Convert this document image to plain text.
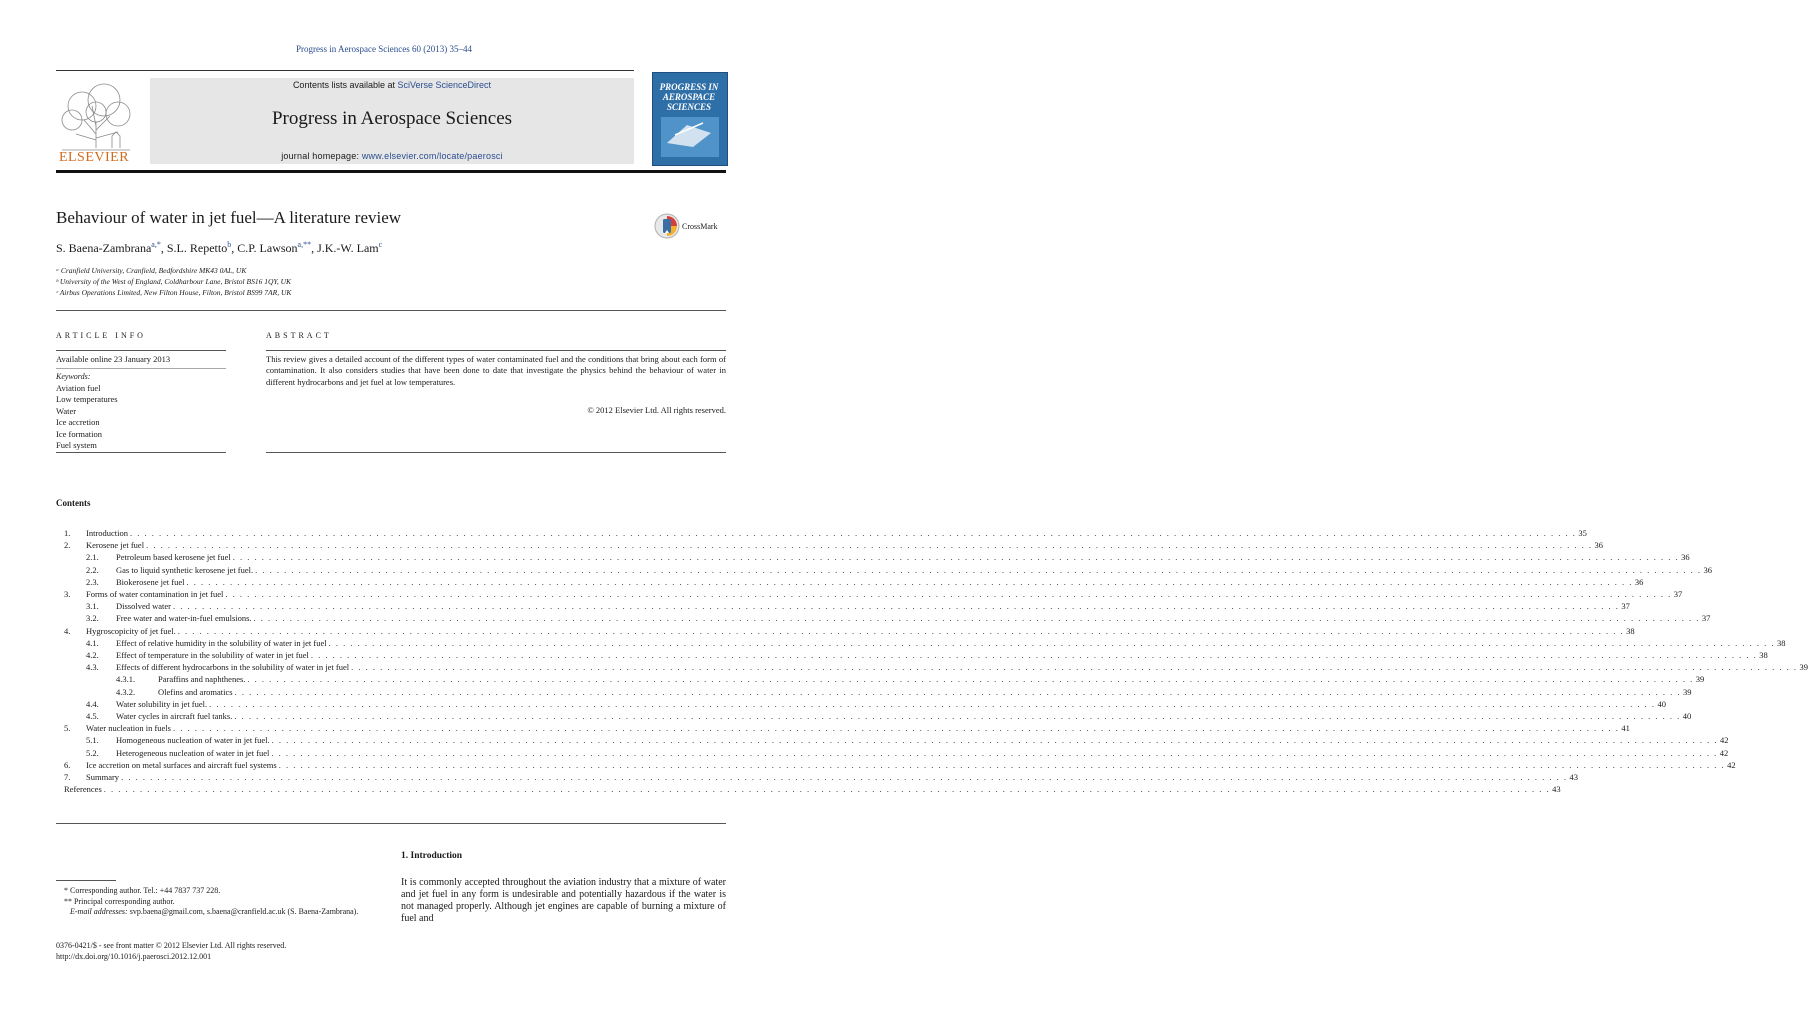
Progress in Aerospace Sciences 60 (2013) 35–44
ELSEVIER
Contents lists available at SciVerse ScienceDirect
Progress in Aerospace Sciences
journal homepage: www.elsevier.com/locate/paerosci
PROGRESS IN AEROSPACE SCIENCES
Behaviour of water in jet fuel—A literature review
S. Baena-Zambrana$^{a,*}$, S.L. Repetto$^b$, C.P. Lawson$^{a,**}$, J.K.-W. Lam$^c$
ᵃ Cranfield University, Cranfield, Bedfordshire MK43 0AL, UK
ᵇ University of the West of England, Coldharbour Lane, Bristol BS16 1QY, UK
ᶜ Airbus Operations Limited, New Filton House, Filton, Bristol BS99 7AR, UK
CrossMark
ARTICLE INFO
Available online 23 January 2013
Keywords:
Aviation fuel
Low temperatures
Water
Ice accretion
Ice formation
Fuel system
ABSTRACT
This review gives a detailed account of the different types of water contaminated fuel and the conditions that bring about each form of contamination. It also considers studies that have been done to date that investigate the physics behind the behaviour of water in different hydrocarbons and jet fuel at low temperatures.
© 2012 Elsevier Ltd. All rights reserved.
Contents
1. Introduction . . . . . . . . . . . . . . . . . . . . . . . . . . . . . . . . . . . . . . . . . . . . . . . . . . . . . . . . . . . . . . . . . . . . . . . . . . . . . . . . . . . . . . . . . . . . . . . . . . . . . . . . . . . . . . . . . . . . . . . . . . . . . . . . . . . . . . . . . . . . . . . . . . . . . . . . . . . . . . . . . . . . . . . . . . . . . . . . . . . . . . . . . . . . . . . . . . . . . . . . 35
2. Kerosene jet fuel . . . . . . . . . . . . . . . . . . . . . . . . . . . . . . . . . . . . . . . . . . . . . . . . . . . . . . . . . . . . . . . . . . . . . . . . . . . . . . . . . . . . . . . . . . . . . . . . . . . . . . . . . . . . . . . . . . . . . . . . . . . . . . . . . . . . . . . . . . . . . . . . . . . . . . . . . . . . . . . . . . . . . . . . . . . . . . . . . . . . . . . . . . . . . . . . . . . . . . . . 36
2.1. Petroleum based kerosene jet fuel . . . . . . . . . . . . . . . . . . . . . . . . . . . . . . . . . . . . . . . . . . . . . . . . . . . . . . . . . . . . . . . . . . . . . . . . . . . . . . . . . . . . . . . . . . . . . . . . . . . . . . . . . . . . . . . . . . . . . . . . . . . . . . . . . . . . . . . . . . . . . . . . . . . . . . . . . . . . . . . . . . . . . . . . . . . . . . . . . . . . . . . . . . . . . . . . . . . . . . . . 36
2.2. Gas to liquid synthetic kerosene jet fuel. . . . . . . . . . . . . . . . . . . . . . . . . . . . . . . . . . . . . . . . . . . . . . . . . . . . . . . . . . . . . . . . . . . . . . . . . . . . . . . . . . . . . . . . . . . . . . . . . . . . . . . . . . . . . . . . . . . . . . . . . . . . . . . . . . . . . . . . . . . . . . . . . . . . . . . . . . . . . . . . . . . . . . . . . . . . . . . . . . . . . . . . . . . . . . . . . . . . . . . . . 36
2.3. Biokerosene jet fuel . . . . . . . . . . . . . . . . . . . . . . . . . . . . . . . . . . . . . . . . . . . . . . . . . . . . . . . . . . . . . . . . . . . . . . . . . . . . . . . . . . . . . . . . . . . . . . . . . . . . . . . . . . . . . . . . . . . . . . . . . . . . . . . . . . . . . . . . . . . . . . . . . . . . . . . . . . . . . . . . . . . . . . . . . . . . . . . . . . . . . . . . . . . . . . . . . . . . . . . . 36
3. Forms of water contamination in jet fuel . . . . . . . . . . . . . . . . . . . . . . . . . . . . . . . . . . . . . . . . . . . . . . . . . . . . . . . . . . . . . . . . . . . . . . . . . . . . . . . . . . . . . . . . . . . . . . . . . . . . . . . . . . . . . . . . . . . . . . . . . . . . . . . . . . . . . . . . . . . . . . . . . . . . . . . . . . . . . . . . . . . . . . . . . . . . . . . . . . . . . . . . . . . . . . . . . . . . . . . . 37
3.1. Dissolved water . . . . . . . . . . . . . . . . . . . . . . . . . . . . . . . . . . . . . . . . . . . . . . . . . . . . . . . . . . . . . . . . . . . . . . . . . . . . . . . . . . . . . . . . . . . . . . . . . . . . . . . . . . . . . . . . . . . . . . . . . . . . . . . . . . . . . . . . . . . . . . . . . . . . . . . . . . . . . . . . . . . . . . . . . . . . . . . . . . . . . . . . . . . . . . . . . . . . . . . . 37
3.2. Free water and water-in-fuel emulsions. . . . . . . . . . . . . . . . . . . . . . . . . . . . . . . . . . . . . . . . . . . . . . . . . . . . . . . . . . . . . . . . . . . . . . . . . . . . . . . . . . . . . . . . . . . . . . . . . . . . . . . . . . . . . . . . . . . . . . . . . . . . . . . . . . . . . . . . . . . . . . . . . . . . . . . . . . . . . . . . . . . . . . . . . . . . . . . . . . . . . . . . . . . . . . . . . . . . . . . . . 37
4. Hygroscopicity of jet fuel. . . . . . . . . . . . . . . . . . . . . . . . . . . . . . . . . . . . . . . . . . . . . . . . . . . . . . . . . . . . . . . . . . . . . . . . . . . . . . . . . . . . . . . . . . . . . . . . . . . . . . . . . . . . . . . . . . . . . . . . . . . . . . . . . . . . . . . . . . . . . . . . . . . . . . . . . . . . . . . . . . . . . . . . . . . . . . . . . . . . . . . . . . . . . . . . . . . . . . . . . 38
4.1. Effect of relative humidity in the solubility of water in jet fuel . . . . . . . . . . . . . . . . . . . . . . . . . . . . . . . . . . . . . . . . . . . . . . . . . . . . . . . . . . . . . . . . . . . . . . . . . . . . . . . . . . . . . . . . . . . . . . . . . . . . . . . . . . . . . . . . . . . . . . . . . . . . . . . . . . . . . . . . . . . . . . . . . . . . . . . . . . . . . . . . . . . . . . . . . . . . . . . . . . . . . . . . . . . . . . . . . . . . . . . . 38
4.2. Effect of temperature in the solubility of water in jet fuel . . . . . . . . . . . . . . . . . . . . . . . . . . . . . . . . . . . . . . . . . . . . . . . . . . . . . . . . . . . . . . . . . . . . . . . . . . . . . . . . . . . . . . . . . . . . . . . . . . . . . . . . . . . . . . . . . . . . . . . . . . . . . . . . . . . . . . . . . . . . . . . . . . . . . . . . . . . . . . . . . . . . . . . . . . . . . . . . . . . . . . . . . . . . . . . . . . . . . . . . 38
4.3. Effects of different hydrocarbons in the solubility of water in jet fuel . . . . . . . . . . . . . . . . . . . . . . . . . . . . . . . . . . . . . . . . . . . . . . . . . . . . . . . . . . . . . . . . . . . . . . . . . . . . . . . . . . . . . . . . . . . . . . . . . . . . . . . . . . . . . . . . . . . . . . . . . . . . . . . . . . . . . . . . . . . . . . . . . . . . . . . . . . . . . . . . . . . . . . . . . . . . . . . . . . . . . . . . . . . . . . . . . . . . . . . . 39
4.3.1.	Paraffins and naphthenes. . . . . . . . . . . . . . . . . . . . . . . . . . . . . . . . . . . . . . . . . . . . . . . . . . . . . . . . . . . . . . . . . . . . . . . . . . . . . . . . . . . . . . . . . . . . . . . . . . . . . . . . . . . . . . . . . . . . . . . . . . . . . . . . . . . . . . . . . . . . . . . . . . . . . . . . . . . . . . . . . . . . . . . . . . . . . . . . . . . . . . . . . . . . . . . . . . . . . . . . . 39
4.3.2.	Olefins and aromatics . . . . . . . . . . . . . . . . . . . . . . . . . . . . . . . . . . . . . . . . . . . . . . . . . . . . . . . . . . . . . . . . . . . . . . . . . . . . . . . . . . . . . . . . . . . . . . . . . . . . . . . . . . . . . . . . . . . . . . . . . . . . . . . . . . . . . . . . . . . . . . . . . . . . . . . . . . . . . . . . . . . . . . . . . . . . . . . . . . . . . . . . . . . . . . . . . . . . . . . . 39
4.4. Water solubility in jet fuel. . . . . . . . . . . . . . . . . . . . . . . . . . . . . . . . . . . . . . . . . . . . . . . . . . . . . . . . . . . . . . . . . . . . . . . . . . . . . . . . . . . . . . . . . . . . . . . . . . . . . . . . . . . . . . . . . . . . . . . . . . . . . . . . . . . . . . . . . . . . . . . . . . . . . . . . . . . . . . . . . . . . . . . . . . . . . . . . . . . . . . . . . . . . . . . . . . . . . . . . . 40
4.5. Water cycles in aircraft fuel tanks. . . . . . . . . . . . . . . . . . . . . . . . . . . . . . . . . . . . . . . . . . . . . . . . . . . . . . . . . . . . . . . . . . . . . . . . . . . . . . . . . . . . . . . . . . . . . . . . . . . . . . . . . . . . . . . . . . . . . . . . . . . . . . . . . . . . . . . . . . . . . . . . . . . . . . . . . . . . . . . . . . . . . . . . . . . . . . . . . . . . . . . . . . . . . . . . . . . . . . . . . 40
5. Water nucleation in fuels . . . . . . . . . . . . . . . . . . . . . . . . . . . . . . . . . . . . . . . . . . . . . . . . . . . . . . . . . . . . . . . . . . . . . . . . . . . . . . . . . . . . . . . . . . . . . . . . . . . . . . . . . . . . . . . . . . . . . . . . . . . . . . . . . . . . . . . . . . . . . . . . . . . . . . . . . . . . . . . . . . . . . . . . . . . . . . . . . . . . . . . . . . . . . . . . . . . . . . . . 41
5.1. Homogeneous nucleation of water in jet fuel. . . . . . . . . . . . . . . . . . . . . . . . . . . . . . . . . . . . . . . . . . . . . . . . . . . . . . . . . . . . . . . . . . . . . . . . . . . . . . . . . . . . . . . . . . . . . . . . . . . . . . . . . . . . . . . . . . . . . . . . . . . . . . . . . . . . . . . . . . . . . . . . . . . . . . . . . . . . . . . . . . . . . . . . . . . . . . . . . . . . . . . . . . . . . . . . . . . . . . . . . 42
5.2. Heterogeneous nucleation of water in jet fuel . . . . . . . . . . . . . . . . . . . . . . . . . . . . . . . . . . . . . . . . . . . . . . . . . . . . . . . . . . . . . . . . . . . . . . . . . . . . . . . . . . . . . . . . . . . . . . . . . . . . . . . . . . . . . . . . . . . . . . . . . . . . . . . . . . . . . . . . . . . . . . . . . . . . . . . . . . . . . . . . . . . . . . . . . . . . . . . . . . . . . . . . . . . . . . . . . . . . . . . . 42
6. Ice accretion on metal surfaces and aircraft fuel systems . . . . . . . . . . . . . . . . . . . . . . . . . . . . . . . . . . . . . . . . . . . . . . . . . . . . . . . . . . . . . . . . . . . . . . . . . . . . . . . . . . . . . . . . . . . . . . . . . . . . . . . . . . . . . . . . . . . . . . . . . . . . . . . . . . . . . . . . . . . . . . . . . . . . . . . . . . . . . . . . . . . . . . . . . . . . . . . . . . . . . . . . . . . . . . . . . . . . . . . . 42
7. Summary . . . . . . . . . . . . . . . . . . . . . . . . . . . . . . . . . . . . . . . . . . . . . . . . . . . . . . . . . . . . . . . . . . . . . . . . . . . . . . . . . . . . . . . . . . . . . . . . . . . . . . . . . . . . . . . . . . . . . . . . . . . . . . . . . . . . . . . . . . . . . . . . . . . . . . . . . . . . . . . . . . . . . . . . . . . . . . . . . . . . . . . . . . . . . . . . . . . . . . . . 43
References . . . . . . . . . . . . . . . . . . . . . . . . . . . . . . . . . . . . . . . . . . . . . . . . . . . . . . . . . . . . . . . . . . . . . . . . . . . . . . . . . . . . . . . . . . . . . . . . . . . . . . . . . . . . . . . . . . . . . . . . . . . . . . . . . . . . . . . . . . . . . . . . . . . . . . . . . . . . . . . . . . . . . . . . . . . . . . . . . . . . . . . . . . . . . . . . . . . . . . . . 43
* Corresponding author. Tel.: +44 7837 737 228.
** Principal corresponding author.
E-mail addresses: svp.baena@gmail.com, s.baena@cranfield.ac.uk (S. Baena-Zambrana).
0376-0421/$ - see front matter © 2012 Elsevier Ltd. All rights reserved.
http://dx.doi.org/10.1016/j.paerosci.2012.12.001
1. Introduction
It is commonly accepted throughout the aviation industry that a mixture of water and jet fuel in any form is undesirable and potentially hazardous if the water is not managed properly. Although jet engines are capable of burning a mixture of fuel and
